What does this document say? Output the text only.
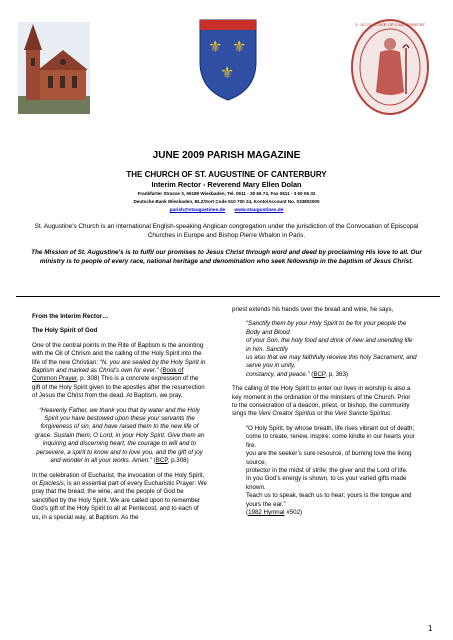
⚜ ⚜
⚜
S. AUGUSTINE OF CANTERBURY
JUNE 2009 PARISH MAGAZINE
THE CHURCH OF ST. AUGUSTINE OF CANTERBURY
Interim Rector - Reverend Mary Ellen Dolan
Frankfurter Strasse 3, 65189 Wiesbaden, Tel. 0611 - 30 66 74, Fax 0611 - 3 60 06 32
Deutsche Bank Wiesbaden, BLZ/Sort Code 510 700 24, Konto/Account No. 033802000
parish@staugustines.de www.staugustines.de
St. Augustine's Church is an international English-speaking Anglican congregation under the jurisdiction of the Convocation of Episcopal Churches in Europe and Bishop Pierre Whalon in Paris.
The Mission of St. Augustine's is to fulfil our promises to Jesus Christ through word and deed by proclaiming His love to all. Our ministry is to people of every race, national heritage and denomination who seek fellowship in the baptism of Jesus Christ.

From the Interim Rector…

The Holy Spirit of God

One of the central points in the Rite of Baptism is the anointing with the Oil of Chrism and the calling of the Holy Spirit into the life of the new Christian: “N, you are sealed by the Holy Spirit in Baptism and marked as Christ’s own for ever.” (Book of Common Prayer, p. 308) This is a concrete expression of the gift of the Holy Spirit given to the apostles after the resurrection of Jesus the Christ from the dead. At Baptism, we pray,

“Heavenly Father, we thank you that by water and the Holy Spirit you have bestowed upon these your servants the forgiveness of sin, and have raised them to the new life of grace. Sustain them, O Lord, in your Holy Spirit. Give them an inquiring and discerning heart, the courage to will and to persevere, a spirit to know and to love you, and the gift of joy and wonder in all your works. Amen.” (BCP, p.308)

In the celebration of Eucharist, the invocation of the Holy Spirit, or Epiclesis, is an essential part of every Eucharistic Prayer: We pray that the bread, the wine, and the people of God be sanctified by the Holy Spirit. We are called upon to remember God’s gift of the Holy Spirit to all at Pentecost, and to each of us, in a special way, at Baptism. As the

priest extends his hands over the bread and wine, he says,

“Sanctify them by your Holy Spirit to be for your people the Body and Blood

of your Son, the holy food and drink of new and unending life in him. Sanctify

us also that we may faithfully receive this holy Sacrament, and serve you in unity,

constancy, and peace.” (BCP, p. 363)

The calling of the Holy Spirit to enter our lives in worship is also a key moment in the ordination of the ministers of the Church. Prior to the consecration of a deacon, priest, or bishop, the community sings the Veni Creator Spiritus or the Veni Sancte Spiritus:

“O Holy Spirit, by whose breath, life rises vibrant out of death;

come to create, renew, inspire; come kindle in our hearts your fire.

you are the seeker’s sure resource, of burning love the living source,

protector in the midst of strife; the giver and the Lord of life.

In you God’s energy is shown, to us your varied gifts made known.

Teach us to speak, teach us to hear; yours is the tongue and yours the ear.”

(1982 Hymnal #502)

1
